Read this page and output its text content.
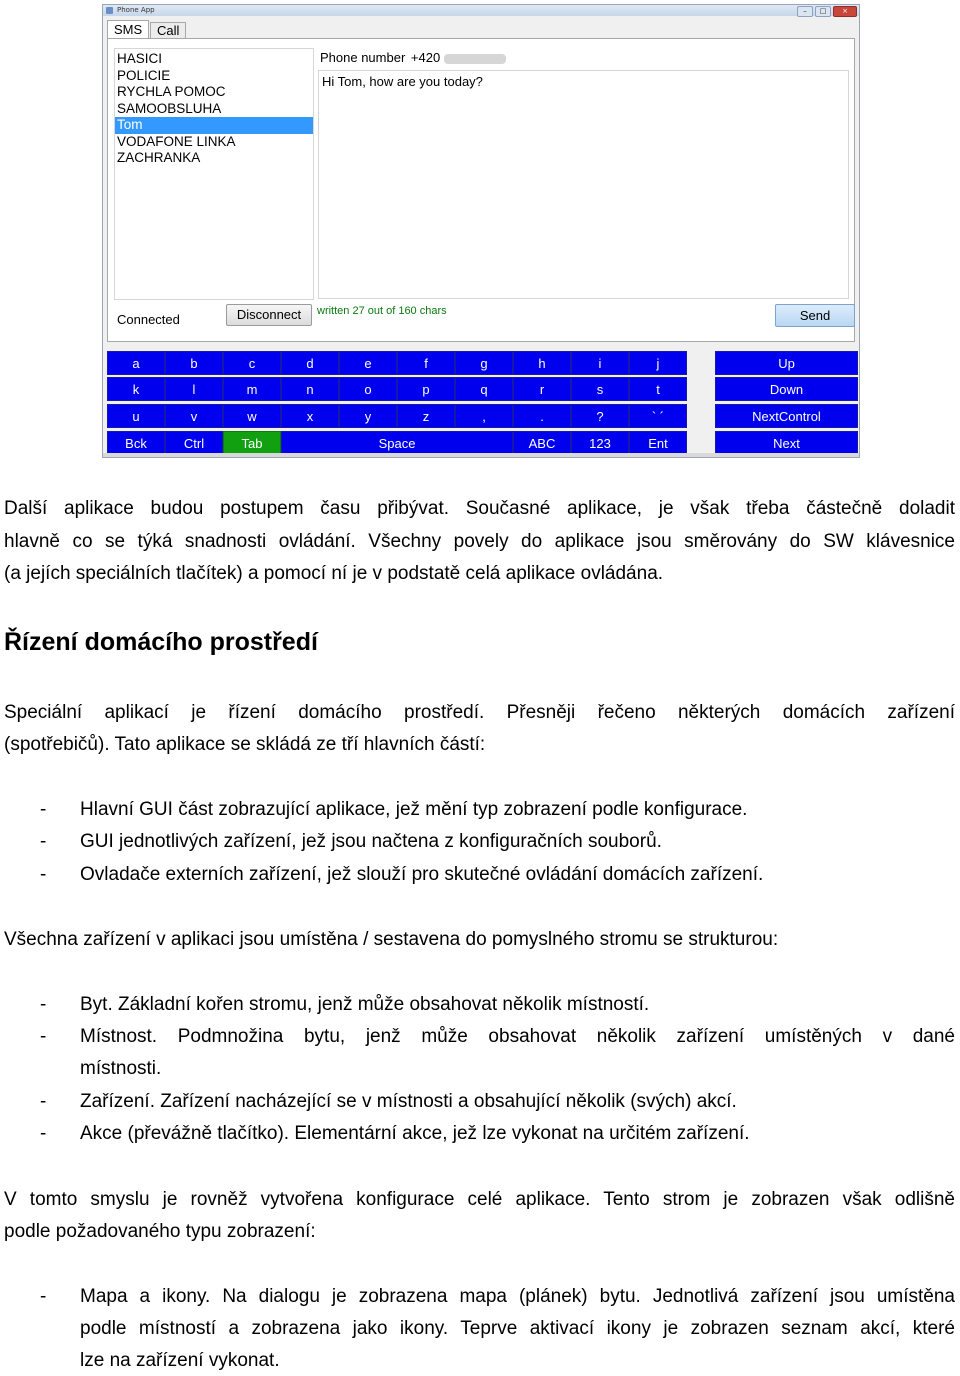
Phone App	–	□	×
SMS	Call
HASICI
POLICIE
RYCHLA POMOC
SAMOOBSLUHA
Tom
VODAFONE LINKA
ZACHRANKA
Phone number +420
Hi Tom, how are you today?
Connected	Disconnect	written 27 out of 160 chars	Send
a	b	c	d	e	f	g	h	i	j	Up
k	l	m	n	o	p	q	r	s	t	Down
u	v	w	x	y	z	,	.	?	` ´	NextControl
Bck	Ctrl	Tab	Space	ABC	123	Ent	Next
Další aplikace budou postupem času přibývat. Současné aplikace, je však třeba částečně doladit
hlavně co se týká snadnosti ovládání. Všechny povely do aplikace jsou směrovány do SW klávesnice
(a jejích speciálních tlačítek) a pomocí ní je v podstatě celá aplikace ovládána.
Řízení domácího prostředí
Speciální aplikací je řízení domácího prostředí. Přesněji řečeno některých domácích zařízení
(spotřebičů). Tato aplikace se skládá ze tří hlavních částí:
- Hlavní GUI část zobrazující aplikace, jež mění typ zobrazení podle konfigurace.
- GUI jednotlivých zařízení, jež jsou načtena z konfiguračních souborů.
- Ovladače externích zařízení, jež slouží pro skutečné ovládání domácích zařízení.
Všechna zařízení v aplikaci jsou umístěna / sestavena do pomyslného stromu se strukturou:
- Byt. Základní kořen stromu, jenž může obsahovat několik místností.
- Místnost. Podmnožina bytu, jenž může obsahovat několik zařízení umístěných v dané
místnosti.
- Zařízení. Zařízení nacházející se v místnosti a obsahující několik (svých) akcí.
- Akce (převážně tlačítko). Elementární akce, jež lze vykonat na určitém zařízení.
V tomto smyslu je rovněž vytvořena konfigurace celé aplikace. Tento strom je zobrazen však odlišně
podle požadovaného typu zobrazení:
- Mapa a ikony. Na dialogu je zobrazena mapa (plánek) bytu. Jednotlivá zařízení jsou umístěna
podle místností a zobrazena jako ikony. Teprve aktivací ikony je zobrazen seznam akcí, které
lze na zařízení vykonat.
